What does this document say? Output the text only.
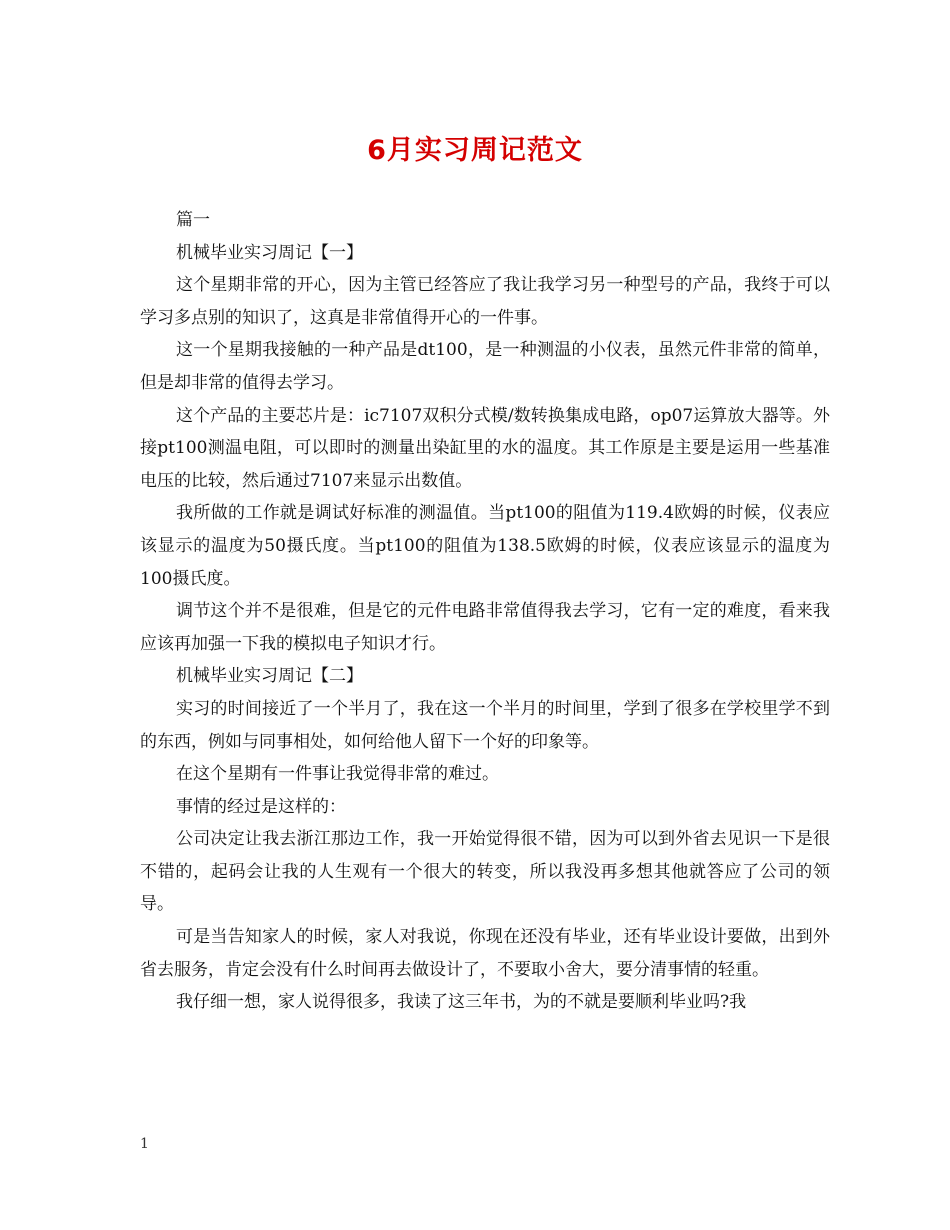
6月实习周记范文

篇一

机械毕业实习周记【一】

这个星期非常的开心，因为主管已经答应了我让我学习另一种型号的产品，我终于可以学习多点别的知识了，这真是非常值得开心的一件事。

这一个星期我接触的一种产品是dt100，是一种测温的小仪表，虽然元件非常的简单，但是却非常的值得去学习。

这个产品的主要芯片是：ic7107双积分式模/数转换集成电路，op07运算放大器等。外接pt100测温电阻，可以即时的测量出染缸里的水的温度。其工作原是主要是运用一些基准电压的比较，然后通过7107来显示出数值。

我所做的工作就是调试好标准的测温值。当pt100的阻值为119.4欧姆的时候，仪表应该显示的温度为50摄氏度。当pt100的阻值为138.5欧姆的时候，仪表应该显示的温度为100摄氏度。

调节这个并不是很难，但是它的元件电路非常值得我去学习，它有一定的难度，看来我应该再加强一下我的模拟电子知识才行。

机械毕业实习周记【二】

实习的时间接近了一个半月了，我在这一个半月的时间里，学到了很多在学校里学不到的东西，例如与同事相处，如何给他人留下一个好的印象等。

在这个星期有一件事让我觉得非常的难过。

事情的经过是这样的：

公司决定让我去浙江那边工作，我一开始觉得很不错，因为可以到外省去见识一下是很不错的，起码会让我的人生观有一个很大的转变，所以我没再多想其他就答应了公司的领导。

可是当告知家人的时候，家人对我说，你现在还没有毕业，还有毕业设计要做，出到外省去服务，肯定会没有什么时间再去做设计了，不要取小舍大，要分清事情的轻重。

我仔细一想，家人说得很多，我读了这三年书，为的不就是要顺利毕业吗?我

1
